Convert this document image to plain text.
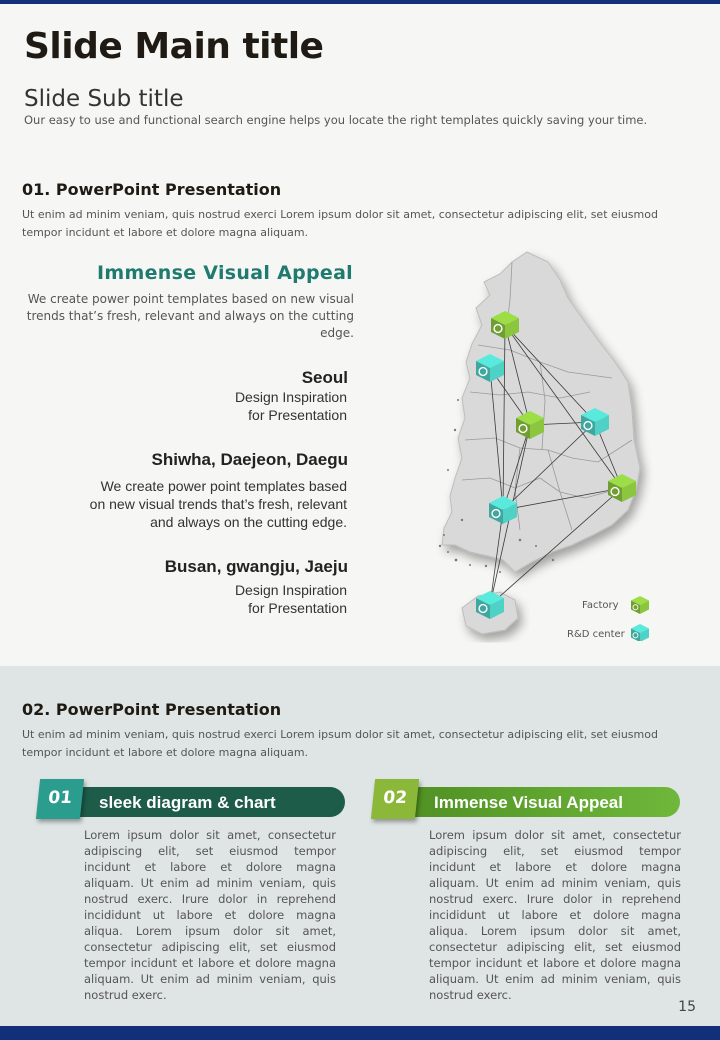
Slide Main title
Slide Sub title
Our easy to use and functional search engine helps you locate the right templates quickly saving your time.
01. PowerPoint Presentation
Ut enim ad minim veniam, quis nostrud exerci Lorem ipsum dolor sit amet, consectetur adipiscing elit, set eiusmod tempor incidunt et labore et dolore magna aliquam.
Immense Visual Appeal
We create power point templates based on new visual trends that’s fresh, relevant and always on the cutting edge.
Seoul
Design Inspiration
for Presentation
Shiwha, Daejeon, Daegu
We create power point templates based
on new visual trends that’s fresh, relevant
and always on the cutting edge.
Busan, gwangju, Jaeju
Design Inspiration
for Presentation	Factory
R&D center
02. PowerPoint Presentation
Ut enim ad minim veniam, quis nostrud exerci Lorem ipsum dolor sit amet, consectetur adipiscing elit, set eiusmod tempor incidunt et labore et dolore magna aliquam.
01	sleek diagram & chart
Lorem ipsum dolor sit amet, consectetur adipiscing elit, set eiusmod tempor incidunt et labore et dolore magna aliquam. Ut enim ad minim veniam, quis nostrud exerc. Irure dolor in reprehend incididunt ut labore et dolore magna aliqua. Lorem ipsum dolor sit amet, consectetur adipiscing elit, set eiusmod tempor incidunt et labore et dolore magna aliquam. Ut enim ad minim veniam, quis nostrud exerc.
02	Immense Visual Appeal
Lorem ipsum dolor sit amet, consectetur adipiscing elit, set eiusmod tempor incidunt et labore et dolore magna aliquam. Ut enim ad minim veniam, quis nostrud exerc. Irure dolor in reprehend incididunt ut labore et dolore magna aliqua. Lorem ipsum dolor sit amet, consectetur adipiscing elit, set eiusmod tempor incidunt et labore et dolore magna aliquam. Ut enim ad minim veniam, quis nostrud exerc.
15
